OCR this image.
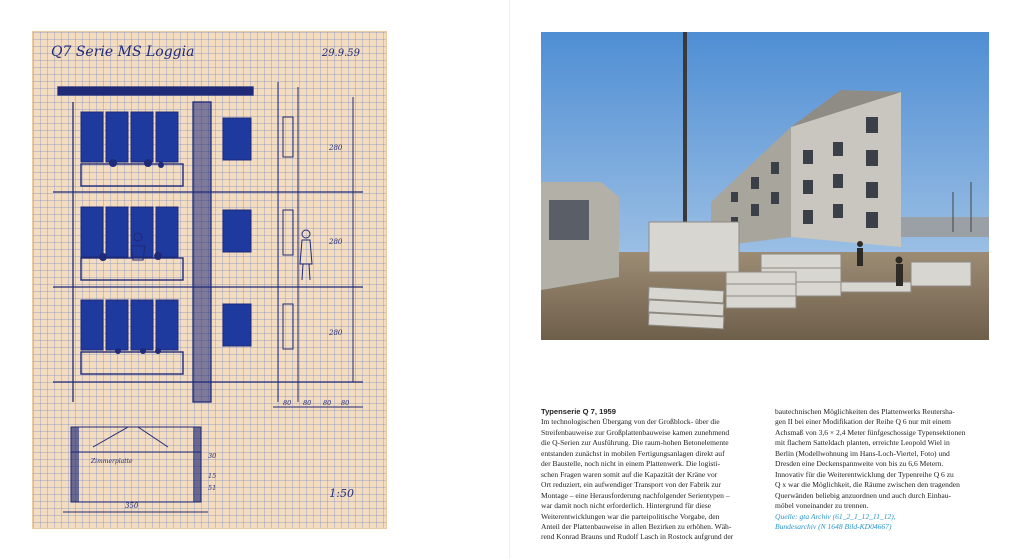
Q7 Serie MS Loggia	29.9.59
1:50
280
280
280
80 80 80 80
350
30
15
51
Zimmerplatte
Typenserie Q 7, 1959
Im technologischen Übergang von der Großblock- über die
Streifenbauweise zur Großplattenbauweise kamen zunehmend
die Q-Serien zur Ausführung. Die raum-hohen Betonelemente
entstanden zunächst in mobilen Fertigungsanlagen direkt auf
der Baustelle, noch nicht in einem Plattenwerk. Die logisti-
schen Fragen waren somit auf die Kapazität der Kräne vor
Ort reduziert, ein aufwendiger Transport von der Fabrik zur
Montage – eine Herausforderung nachfolgender Serientypen –
war damit noch nicht erforderlich. Hintergrund für diese
Weiterentwicklungen war die parteipolitische Vorgabe, den
Anteil der Plattenbauweise in allen Bezirken zu erhöhen. Wäh-
rend Konrad Brauns und Rudolf Lasch in Rostock aufgrund der
bautechnischen Möglichkeiten des Plattenwerks Reutersha-
gen II bei einer Modifikation der Reihe Q 6 nur mit einem
Achsmaß von 3,6 × 2,4 Meter fünfgeschossige Typensektionen
mit flachem Satteldach planten, erreichte Leopold Wiel in
Berlin (Modellwohnung im Hans-Loch-Viertel, Foto) und
Dresden eine Deckenspannweite von bis zu 6,6 Metern.
Innovativ für die Weiterentwicklung der Typenreihe Q 6 zu
Q x war die Möglichkeit, die Räume zwischen den tragenden
Querwänden beliebig anzuordnen und auch durch Einbau-
möbel voneinander zu trennen.
Quelle: gta Archiv (61_2_1_12_11_12),
Bundesarchiv (N 1648 Bild-KD04667)
